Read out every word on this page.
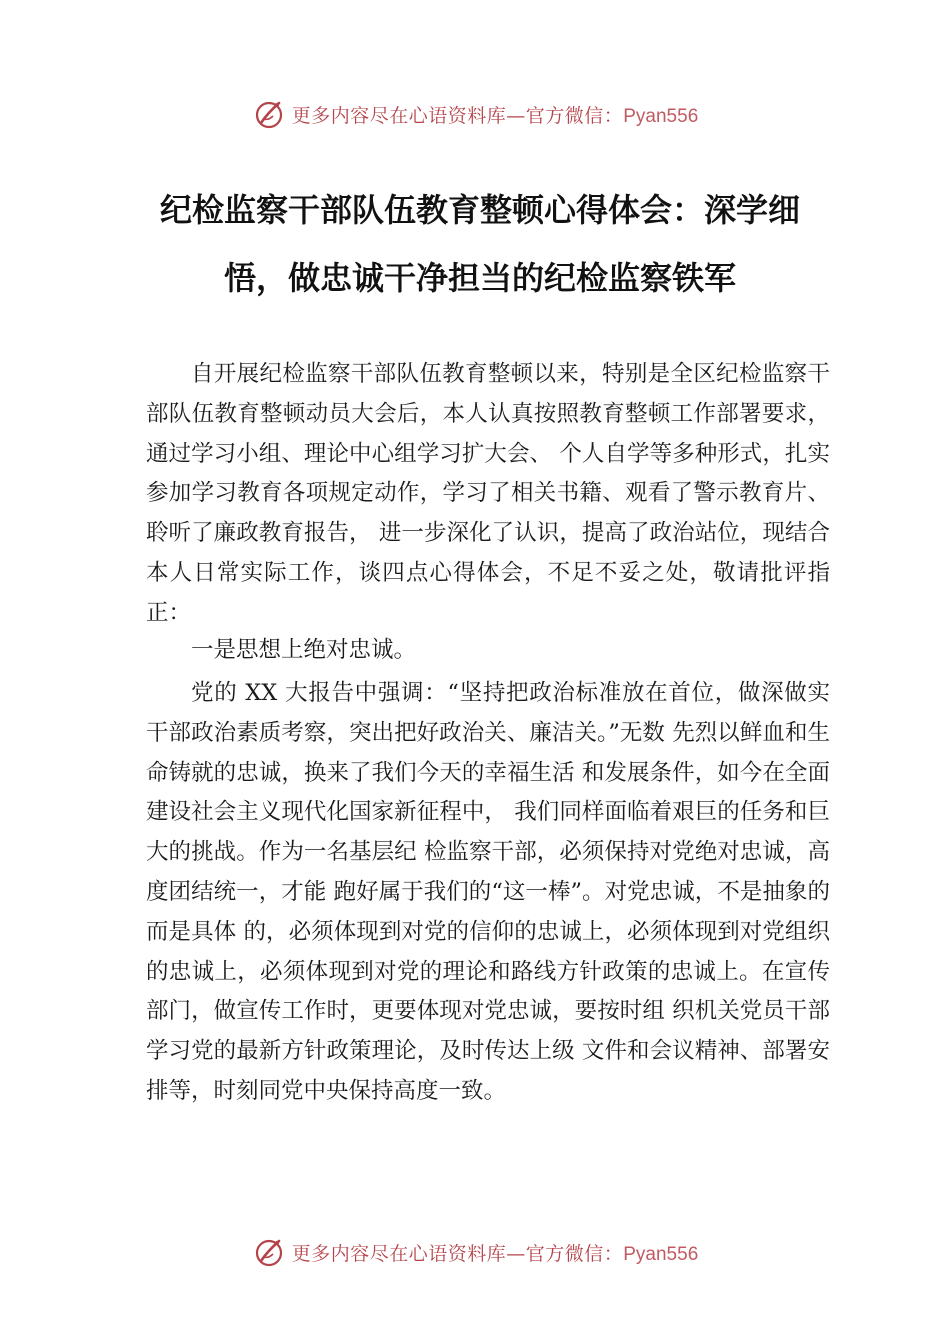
更多内容尽在心语资料库—官方微信：Pyan556
纪检监察干部队伍教育整顿心得体会：深学细悟，做忠诚干净担当的纪检监察铁军

自开展纪检监察干部队伍教育整顿以来，特别是全区纪检监察干部队伍教育整顿动员大会后，本人认真按照教育整顿工作部署要求，通过学习小组、理论中心组学习扩大会、 个人自学等多种形式，扎实参加学习教育各项规定动作，学习了相关书籍、观看了警示教育片、聆听了廉政教育报告， 进一步深化了认识，提高了政治站位，现结合本人日常实际工作，谈四点心得体会，不足不妥之处，敬请批评指正：

一是思想上绝对忠诚。

党的 XX 大报告中强调：“坚持把政治标准放在首位，做深做实干部政治素质考察，突出把好政治关、廉洁关。”无数 先烈以鲜血和生命铸就的忠诚，换来了我们今天的幸福生活 和发展条件，如今在全面建设社会主义现代化国家新征程中， 我们同样面临着艰巨的任务和巨大的挑战。作为一名基层纪 检监察干部，必须保持对党绝对忠诚，高度团结统一，才能 跑好属于我们的“这一棒”。对党忠诚，不是抽象的而是具体 的，必须体现到对党的信仰的忠诚上，必须体现到对党组织 的忠诚上，必须体现到对党的理论和路线方针政策的忠诚上。在宣传部门，做宣传工作时，更要体现对党忠诚，要按时组 织机关党员干部学习党的最新方针政策理论，及时传达上级 文件和会议精神、部署安排等，时刻同党中央保持高度一致。

更多内容尽在心语资料库—官方微信：Pyan556
